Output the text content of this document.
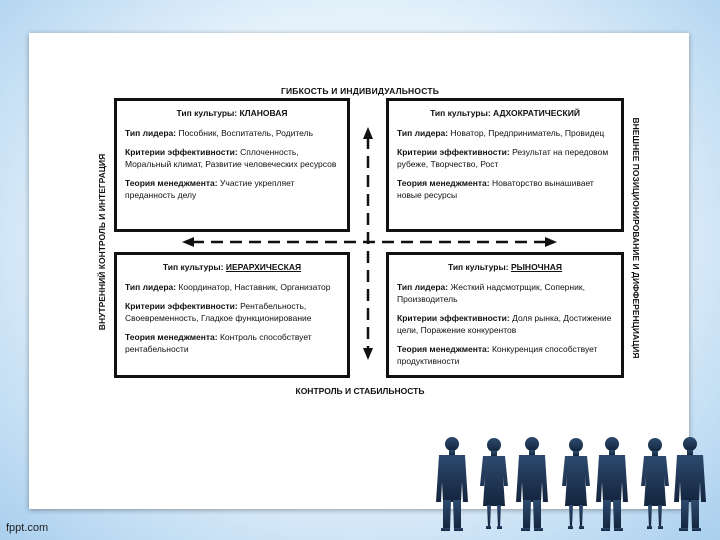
ГИБКОСТЬ И ИНДИВИДУАЛЬНОСТЬ
КОНТРОЛЬ И СТАБИЛЬНОСТЬ
ВНУТРЕННИЙ КОНТРОЛЬ И ИНТЕГРАЦИЯ	ВНЕШНЕЕ ПОЗИЦИОНИРОВАНИЕ И ДИФФЕРЕНЦИАЦИЯ
Тип культуры: КЛАНОВАЯ

Тип лидера: Пособник, Воспитатель, Родитель

Критерии эффективности: Сплоченность, Моральный климат, Развитие человеческих ресурсов

Теория менеджмента: Участие укрепляет преданность делу

Тип культуры: АДХОКРАТИЧЕСКИЙ

Тип лидера: Новатор, Предприниматель, Провидец

Критерии эффективности: Результат на передовом рубеже, Творчество, Рост

Теория менеджмента: Новаторство вынашивает новые ресурсы

Тип культуры: ИЕРАРХИЧЕСКАЯ

Тип лидера: Координатор, Наставник, Организатор

Критерии эффективности: Рентабельность, Своевременность, Гладкое функционирование

Теория менеджмента: Контроль способствует рентабельности

Тип культуры: РЫНОЧНАЯ

Тип лидера: Жесткий надсмотрщик, Соперник, Производитель

Критерии эффективности: Доля рынка, Достижение цели, Поражение конкурентов

Теория менеджмента: Конкуренция способствует продуктивности

fppt.com
